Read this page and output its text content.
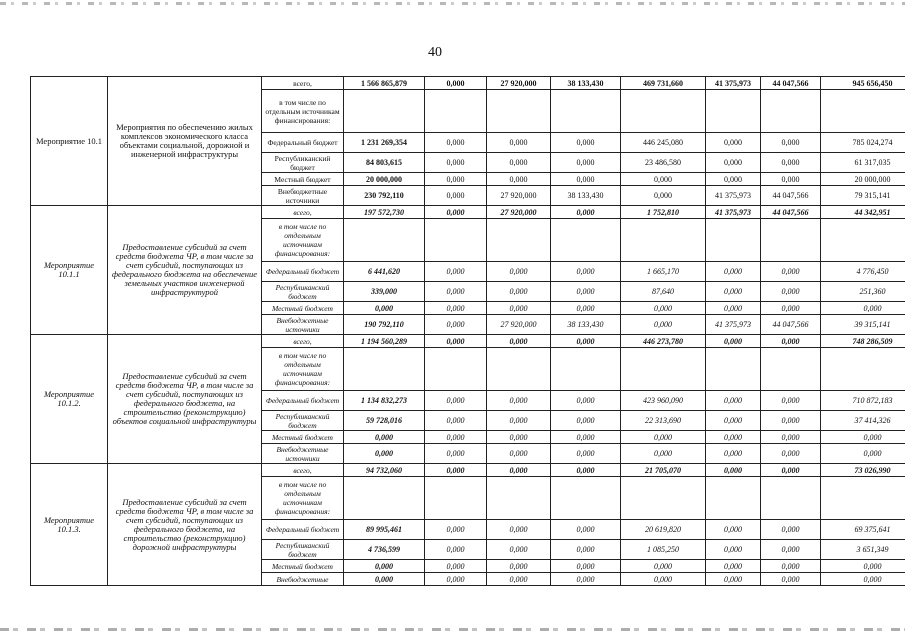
40
Мероприятие 10.1	Мероприятия по обеспечению жилых комплексов экономического класса объектами социальной, дорожной и инженерной инфраструктуры	всего,	1 566 865,879	0,000	27 920,000	38 133,430	469 731,660	41 375,973	44 047,566	945 656,450
		в том числе по отдельным источникам финансирования:								
		Федеральный бюджет	1 231 269,354	0,000	0,000	0,000	446 245,080	0,000	0,000	785 024,274
		Республиканский бюджет	84 803,615	0,000	0,000	0,000	23 486,580	0,000	0,000	61 317,035
		Местный бюджет	20 000,000	0,000	0,000	0,000	0,000	0,000	0,000	20 000,000
		Внебюджетные источники	230 792,110	0,000	27 920,000	38 133,430	0,000	41 375,973	44 047,566	79 315,141
Мероприятие 10.1.1	Предоставление субсидий за счет средств бюджета ЧР, в том числе за счет субсидий, поступающих из федерального бюджета на обеспечение земельных участков инженерной инфраструктурой	всего,	197 572,730	0,000	27 920,000	0,000	1 752,810	41 375,973	44 047,566	44 342,951
		в том числе по отдельным источникам финансирования:								
		Федеральный бюджет	6 441,620	0,000	0,000	0,000	1 665,170	0,000	0,000	4 776,450
		Республиканский бюджет	339,000	0,000	0,000	0,000	87,640	0,000	0,000	251,360
		Местный бюджет	0,000	0,000	0,000	0,000	0,000	0,000	0,000	0,000
		Внебюджетные источники	190 792,110	0,000	27 920,000	38 133,430	0,000	41 375,973	44 047,566	39 315,141
Мероприятие 10.1.2.	Предоставление субсидий за счет средств бюджета ЧР, в том числе за счет субсидий, поступающих из федерального бюджета, на строительство (реконструкцию) объектов социальной инфраструктуры	всего,	1 194 560,289	0,000	0,000	0,000	446 273,780	0,000	0,000	748 286,509
		в том числе по отдельным источникам финансирования:								
		Федеральный бюджет	1 134 832,273	0,000	0,000	0,000	423 960,090	0,000	0,000	710 872,183
		Республиканский бюджет	59 728,016	0,000	0,000	0,000	22 313,690	0,000	0,000	37 414,326
		Местный бюджет	0,000	0,000	0,000	0,000	0,000	0,000	0,000	0,000
		Внебюджетные источники	0,000	0,000	0,000	0,000	0,000	0,000	0,000	0,000
Мероприятие 10.1.3.	Предоставление субсидий за счет средств бюджета ЧР, в том числе за счет субсидий, поступающих из федерального бюджета, на строительство (реконструкцию) дорожной инфраструктуры	всего,	94 732,060	0,000	0,000	0,000	21 705,070	0,000	0,000	73 026,990
		в том числе по отдельным источникам финансирования:								
		Федеральный бюджет	89 995,461	0,000	0,000	0,000	20 619,820	0,000	0,000	69 375,641
		Республиканский бюджет	4 736,599	0,000	0,000	0,000	1 085,250	0,000	0,000	3 651,349
		Местный бюджет	0,000	0,000	0,000	0,000	0,000	0,000	0,000	0,000
		Внебюджетные	0,000	0,000	0,000	0,000	0,000	0,000	0,000	0,000
